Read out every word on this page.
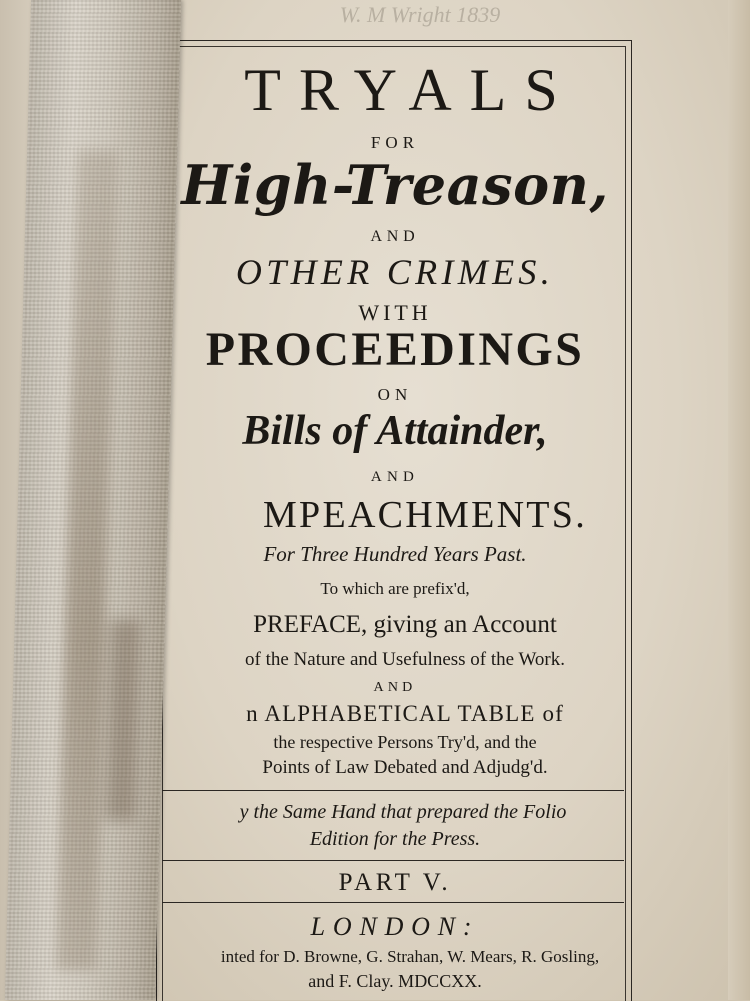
W. M Wright 1839
TRYALS
FOR
High-Treason,
AND
OTHER CRIMES.
WITH
PROCEEDINGS
ON
Bills of Attainder,
AND
MPEACHMENTS.
For Three Hundred Years Past.
To which are prefix'd,
PREFACE, giving an Account
of the Nature and Usefulness of the Work.
AND
n ALPHABETICAL TABLE of
the respective Persons Try'd, and the
Points of Law Debated and Adjudg'd.
y the Same Hand that prepared the Folio
Edition for the Press.
PART V.
LONDON:
inted for D. Browne, G. Strahan, W. Mears, R. Gosling,
and F. Clay. MDCCXX.
